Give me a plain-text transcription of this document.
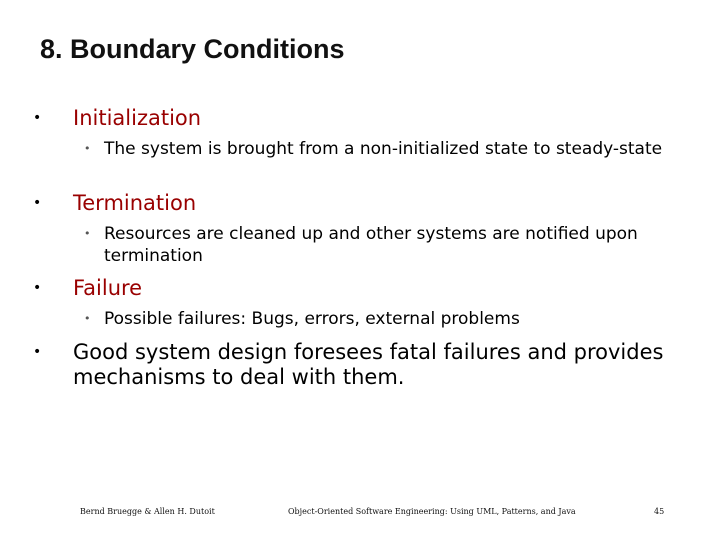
8. Boundary Conditions
•	Initialization
• The system is brought from a non-initialized state to steady-state
•	Termination
• Resources are cleaned up and other systems are notified upon termination
•	Failure
• Possible failures: Bugs, errors, external problems
•	Good system design foresees fatal failures and provides mechanisms to deal with them.
Bernd Bruegge & Allen H. Dutoit	Object-Oriented Software Engineering: Using UML, Patterns, and Java	45
